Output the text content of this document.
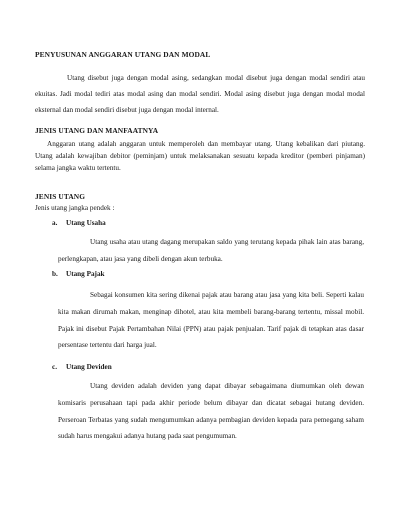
PENYUSUNAN ANGGARAN UTANG DAN MODAL

Utang disebut juga dengan modal asing, sedangkan modal disebut juga dengan modal sendiri atau ekuitas. Jadi modal tediri atas modal asing dan modal sendiri. Modal asing disebut juga dengan modal modal eksternal dan modal sendiri disebut juga dengan modal internal.

JENIS UTANG DAN MANFAATNYA

Anggaran utang adalah anggaran untuk memperoleh dan membayar utang. Utang kebalikan dari piutang. Utang adalah kewajiban debitor (peminjam) untuk melaksanakan sesuatu kepada kreditor (pemberi pinjaman) selama jangka waktu tertentu.

JENIS UTANG
Jenis utang jangka pendek :
a. Utang Usaha

Utang usaha atau utang dagang merupakan saldo yang terutang kepada pihak lain atas barang, perlengkapan, atau jasa yang dibeli dengan akun terbuka.

b. Utang Pajak

Sebagai konsumen kita sering dikenai pajak atau barang atau jasa yang kita beli. Seperti kalau kita makan dirumah makan, menginap dihotel, atau kita membeli barang-barang tertentu, missal mobil. Pajak ini disebut Pajak Pertambahan Nilai (PPN) atau pajak penjualan. Tarif pajak di tetapkan atas dasar persentase tertentu dari harga jual.

c. Utang Deviden

Utang deviden adalah deviden yang dapat dibayar sebagaimana diumumkan oleh dewan komisaris perusahaan tapi pada akhir periode belum dibayar dan dicatat sebagai hutang deviden. Perseroan Terbatas yang sudah mengumumkan adanya pembagian deviden kepada para pemegang saham sudah harus mengakui adanya hutang pada saat pengumuman.
